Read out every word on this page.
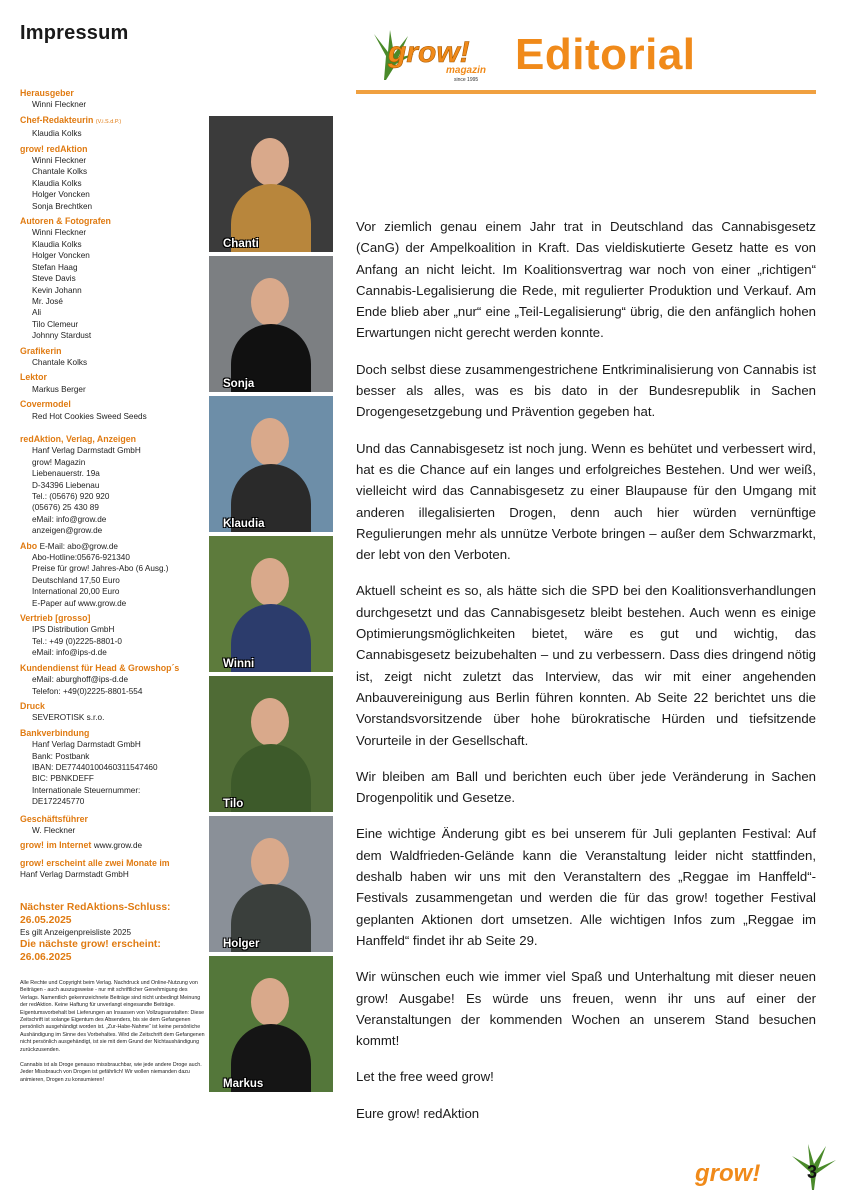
Impressum
Herausgeber
Winni Fleckner
Chef-Redakteurin (V.i.S.d.P.)
Klaudia Kolks
grow! redAktion
Winni Fleckner
Chantale Kolks
Klaudia Kolks
Holger Voncken
Sonja Brechtken
Autoren & Fotografen
Winni Fleckner
Klaudia Kolks
Holger Voncken
Stefan Haag
Steve Davis
Kevin Johann
Mr. José
Ali
Tilo Clemeur
Johnny Stardust
Grafikerin
Chantale Kolks
Lektor
Markus Berger
Covermodel
Red Hot Cookies Sweed Seeds
redAktion, Verlag, Anzeigen
Hanf Verlag Darmstadt GmbH
grow! Magazin
Liebenauerstr. 19a
D-34396 Liebenau
Tel.: (05676) 920 920
(05676) 25 430 89
eMail: info@grow.de
anzeigen@grow.de
Abo E-Mail: abo@grow.de
Abo-Hotline:05676-921340
Preise für grow! Jahres-Abo (6 Ausg.)
Deutschland 17,50 Euro
International 20,00 Euro
E-Paper auf www.grow.de
Vertrieb [grosso]
IPS Distribution GmbH
Tel.: +49 (0)2225-8801-0
eMail: info@ips-d.de
Kundendienst für Head & Growshop´s
eMail: aburghoff@ips-d.de
Telefon: +49(0)2225-8801-554
Druck
SEVEROTISK s.r.o.
Bankverbindung
Hanf Verlag Darmstadt GmbH
Bank: Postbank
IBAN: DE77440100460311547460
BIC: PBNKDEFF
Internationale Steuernummer:
DE172245770
Geschäftsführer
W. Fleckner
grow! im Internet www.grow.de
grow! erscheint alle zwei Monate im
Hanf Verlag Darmstadt GmbH
Nächster RedAktions-Schluss:
26.05.2025
Es gilt Anzeigenpreisliste 2025
Die nächste grow! erscheint:
26.06.2025
Alle Rechte und Copyright beim Verlag. Nachdruck und Online-Nutzung von Beiträgen - auch auszugsweise - nur mit schriftlicher Genehmigung des Verlags. Namentlich gekennzeichnete Beiträge sind nicht unbedingt Meinung der redAktion. Keine Haftung für unverlangt eingesandte Beiträge. Eigentumsvorbehalt bei Lieferungen an Insassen von Vollzugsanstalten: Diese Zeitschrift ist solange Eigentum des Absenders, bis sie dem Gefangenen persönlich ausgehändigt worden ist. „Zur-Habe-Nahme“ ist keine persönliche Aushändigung im Sinne des Vorbehaltes. Wird die Zeitschrift dem Gefangenen nicht persönlich ausgehändigt, ist sie mit dem Grund der Nichtaushändigung zurückzusenden.
Cannabis ist als Droge genauso missbrauchbar, wie jede andere Droge auch. Jeder Missbrauch von Drogen ist gefährlich! Wir wollen niemanden dazu animieren, Drogen zu konsumieren!
Chanti
Sonja
Klaudia
Winni
Tilo
Holger
Markus
grow!
magazin
since 1995
Editorial

Vor ziemlich genau einem Jahr trat in Deutschland das Cannabisgesetz (CanG) der Ampelkoalition in Kraft. Das vieldiskutierte Gesetz hatte es von Anfang an nicht leicht. Im Koalitionsvertrag war noch von einer „richtigen“ Cannabis-Legalisierung die Rede, mit regulierter Produktion und Verkauf. Am Ende blieb aber „nur“ eine „Teil-Legalisierung“ übrig, die den anfänglich hohen Erwartungen nicht gerecht werden konnte.

Doch selbst diese zusammengestrichene Entkriminalisierung von Cannabis ist besser als alles, was es bis dato in der Bundesrepublik in Sachen Drogengesetzgebung und Prävention gegeben hat.

Und das Cannabisgesetz ist noch jung. Wenn es behütet und verbessert wird, hat es die Chance auf ein langes und erfolgreiches Bestehen. Und wer weiß, vielleicht wird das Cannabisgesetz zu einer Blaupause für den Umgang mit anderen illegalisierten Drogen, denn auch hier würden vernünftige Regulierungen mehr als unnütze Verbote bringen – außer dem Schwarzmarkt, der lebt von den Verboten.

Aktuell scheint es so, als hätte sich die SPD bei den Koalitionsverhandlungen durchgesetzt und das Cannabisgesetz bleibt bestehen. Auch wenn es einige Optimierungsmöglichkeiten bietet, wäre es gut und wichtig, das Cannabisgesetz beizubehalten – und zu verbessern. Dass dies dringend nötig ist, zeigt nicht zuletzt das Interview, das wir mit einer angehenden Anbauvereinigung aus Berlin führen konnten. Ab Seite 22 berichtet uns die Vorstandsvorsitzende über hohe bürokratische Hürden und tiefsitzende Vorurteile in der Gesellschaft.

Wir bleiben am Ball und berichten euch über jede Veränderung in Sachen Drogenpolitik und Gesetze.

Eine wichtige Änderung gibt es bei unserem für Juli geplanten Festival: Auf dem Waldfrieden-Gelände kann die Veranstaltung leider nicht stattfinden, deshalb haben wir uns mit den Veranstaltern des „Reggae im Hanffeld“-Festivals zusammengetan und werden die für das grow! together Festival geplanten Aktionen dort umsetzen. Alle wichtigen Infos zum „Reggae im Hanffeld“ findet ihr ab Seite 29.

Wir wünschen euch wie immer viel Spaß und Unterhaltung mit dieser neuen grow! Ausgabe! Es würde uns freuen, wenn ihr uns auf einer der Veranstaltungen der kommenden Wochen an unserem Stand besuchen kommt!

Let the free weed grow!

Eure grow! redAktion

grow!	3
